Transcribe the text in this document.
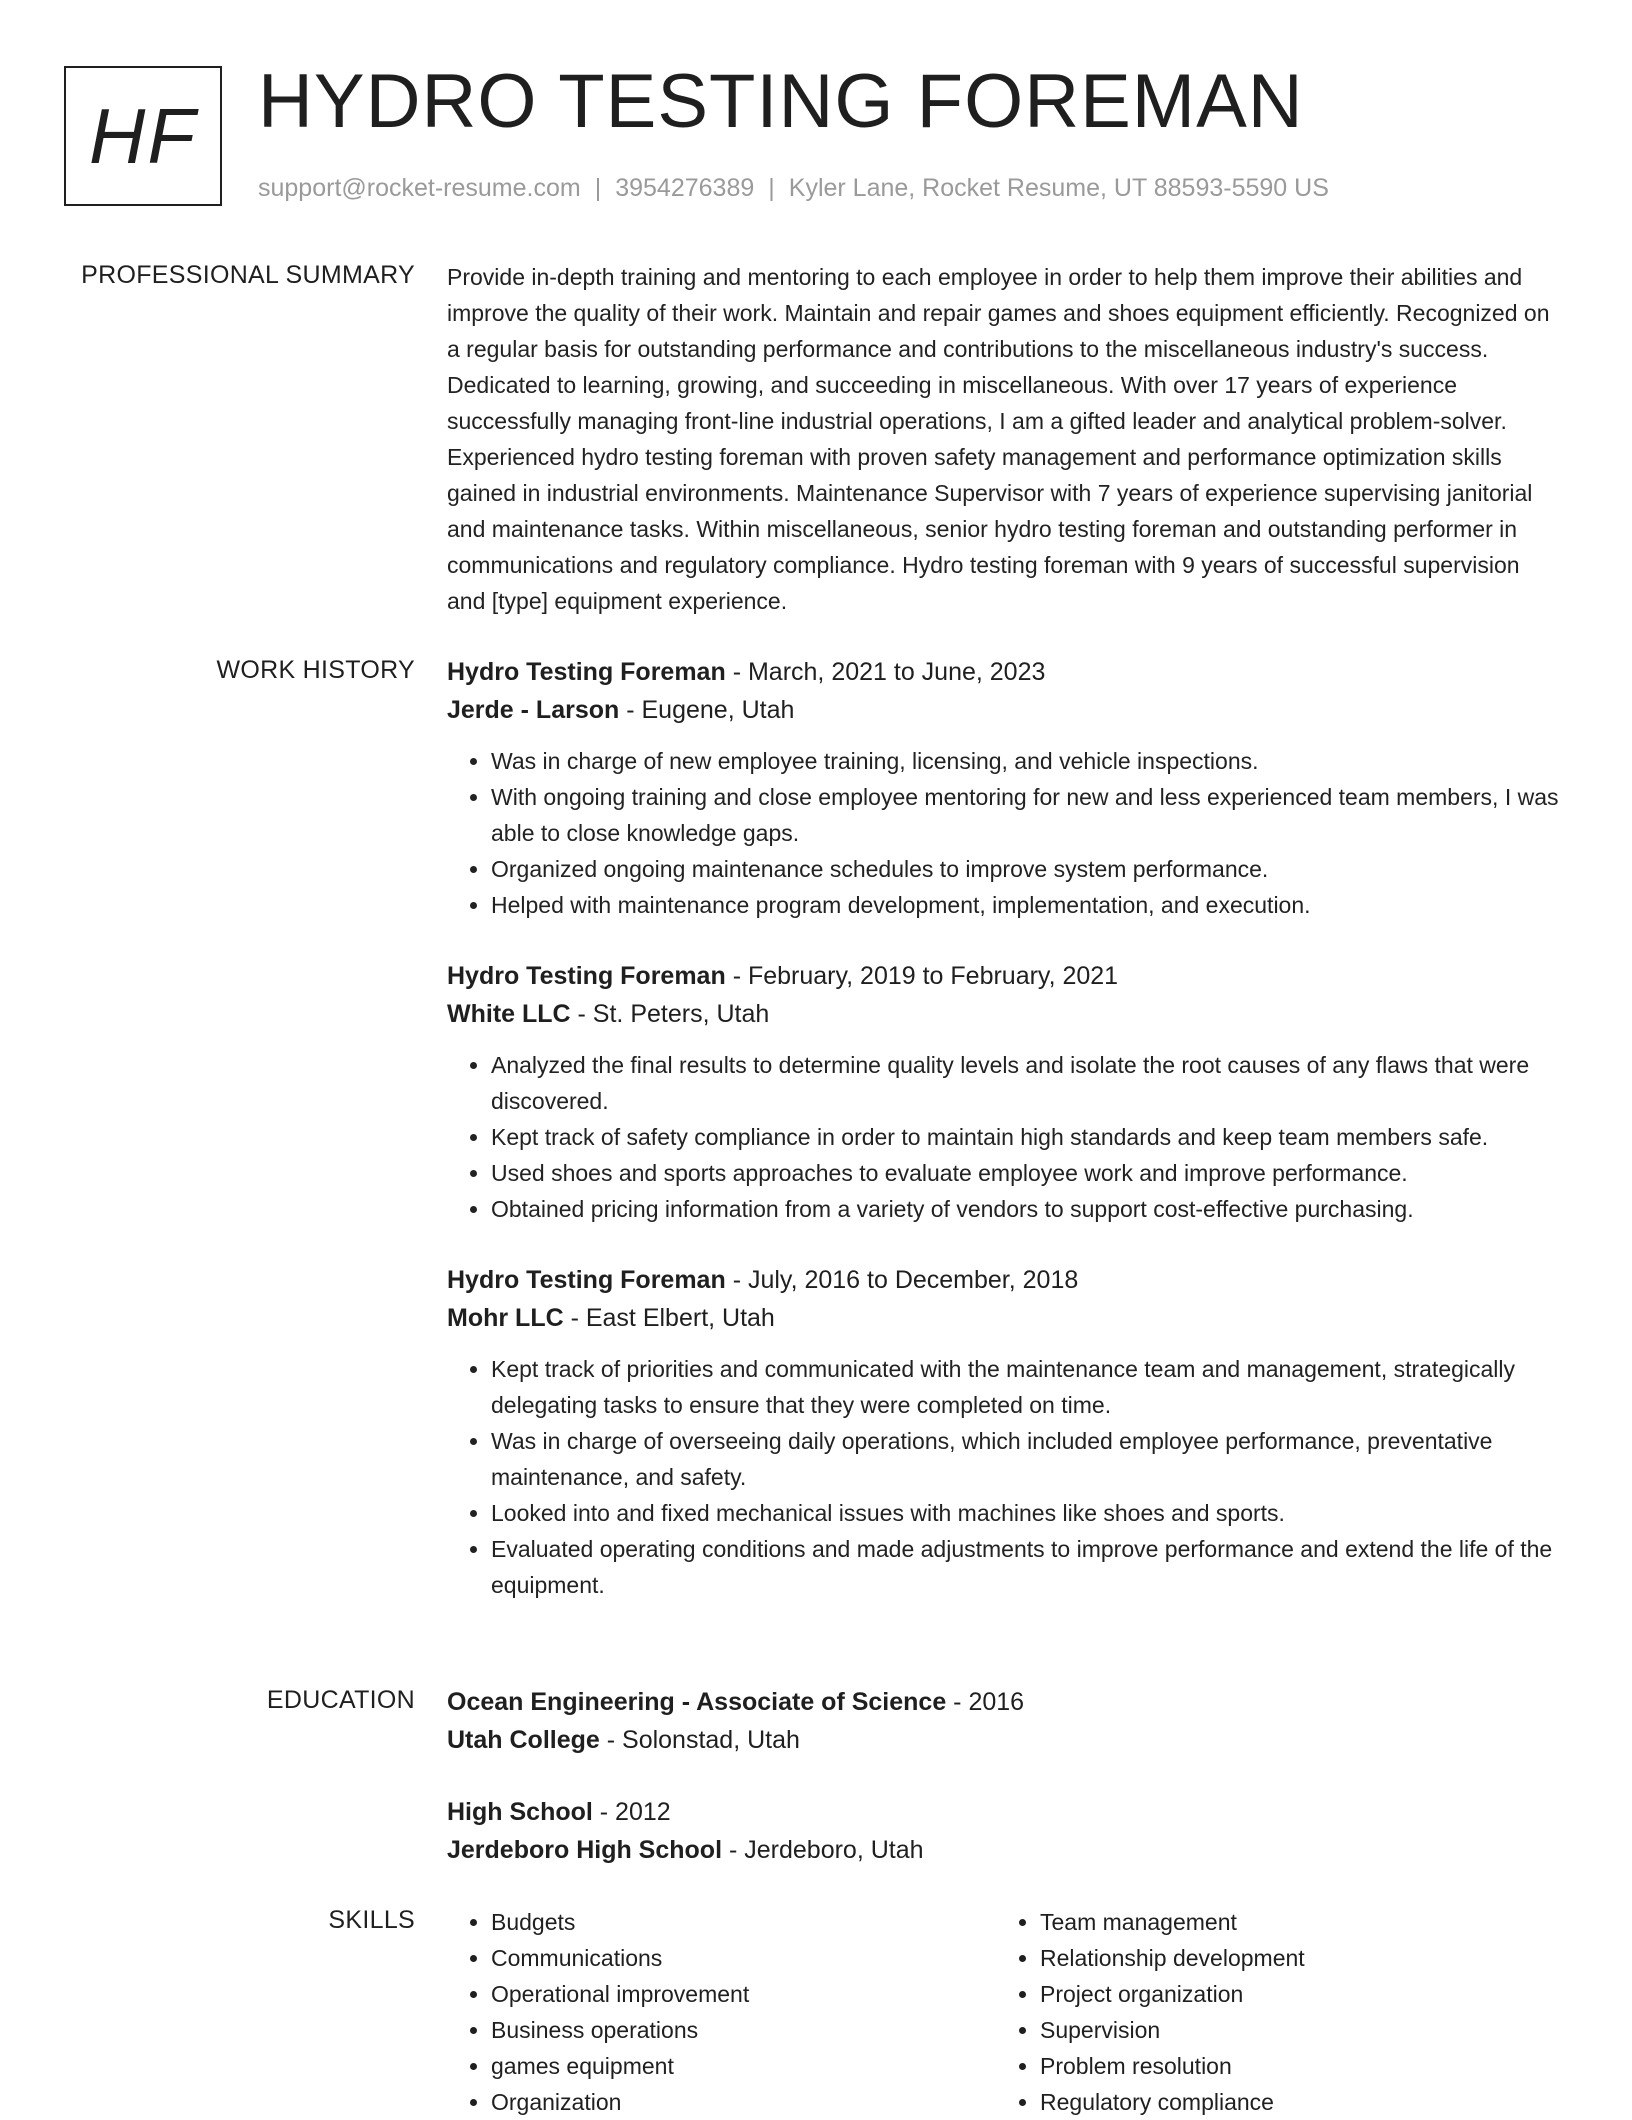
HF HYDRO TESTING FOREMAN
support@rocket-resume.com | 3954276389 | Kyler Lane, Rocket Resume, UT 88593-5590 US
PROFESSIONAL SUMMARY Provide in-depth training and mentoring to each employee in order to help them improve their abilities and improve the quality of their work. Maintain and repair games and shoes equipment efficiently. Recognized on a regular basis for outstanding performance and contributions to the miscellaneous industry's success. Dedicated to learning, growing, and succeeding in miscellaneous. With over 17 years of experience successfully managing front-line industrial operations, I am a gifted leader and analytical problem-solver. Experienced hydro testing foreman with proven safety management and performance optimization skills gained in industrial environments. Maintenance Supervisor with 7 years of experience supervising janitorial and maintenance tasks. Within miscellaneous, senior hydro testing foreman and outstanding performer in communications and regulatory compliance. Hydro testing foreman with 9 years of successful supervision and [type] equipment experience.

WORK HISTORY Hydro Testing Foreman - March, 2021 to June, 2023

Jerde - Larson - Eugene, Utah

• Was in charge of new employee training, licensing, and vehicle inspections.
• With ongoing training and close employee mentoring for new and less experienced team members, I was able to close knowledge gaps.
• Organized ongoing maintenance schedules to improve system performance.
• Helped with maintenance program development, implementation, and execution.

Hydro Testing Foreman - February, 2019 to February, 2021

White LLC - St. Peters, Utah

• Analyzed the final results to determine quality levels and isolate the root causes of any flaws that were discovered.
• Kept track of safety compliance in order to maintain high standards and keep team members safe.
• Used shoes and sports approaches to evaluate employee work and improve performance.
• Obtained pricing information from a variety of vendors to support cost-effective purchasing.

Hydro Testing Foreman - July, 2016 to December, 2018

Mohr LLC - East Elbert, Utah

• Kept track of priorities and communicated with the maintenance team and management, strategically delegating tasks to ensure that they were completed on time.
• Was in charge of overseeing daily operations, which included employee performance, preventative maintenance, and safety.
• Looked into and fixed mechanical issues with machines like shoes and sports.
• Evaluated operating conditions and made adjustments to improve performance and extend the life of the equipment.
EDUCATION Ocean Engineering - Associate of Science - 2016

Utah College - Solonstad, Utah

High School - 2012

Jerdeboro High School - Jerdeboro, Utah

SKILLS
•	Budgets
• Communications
• Operational improvement
• Business operations
• games equipment
• Organization
• Team management
• Relationship development
• Project organization
• Supervision
• Problem resolution
• Regulatory compliance
